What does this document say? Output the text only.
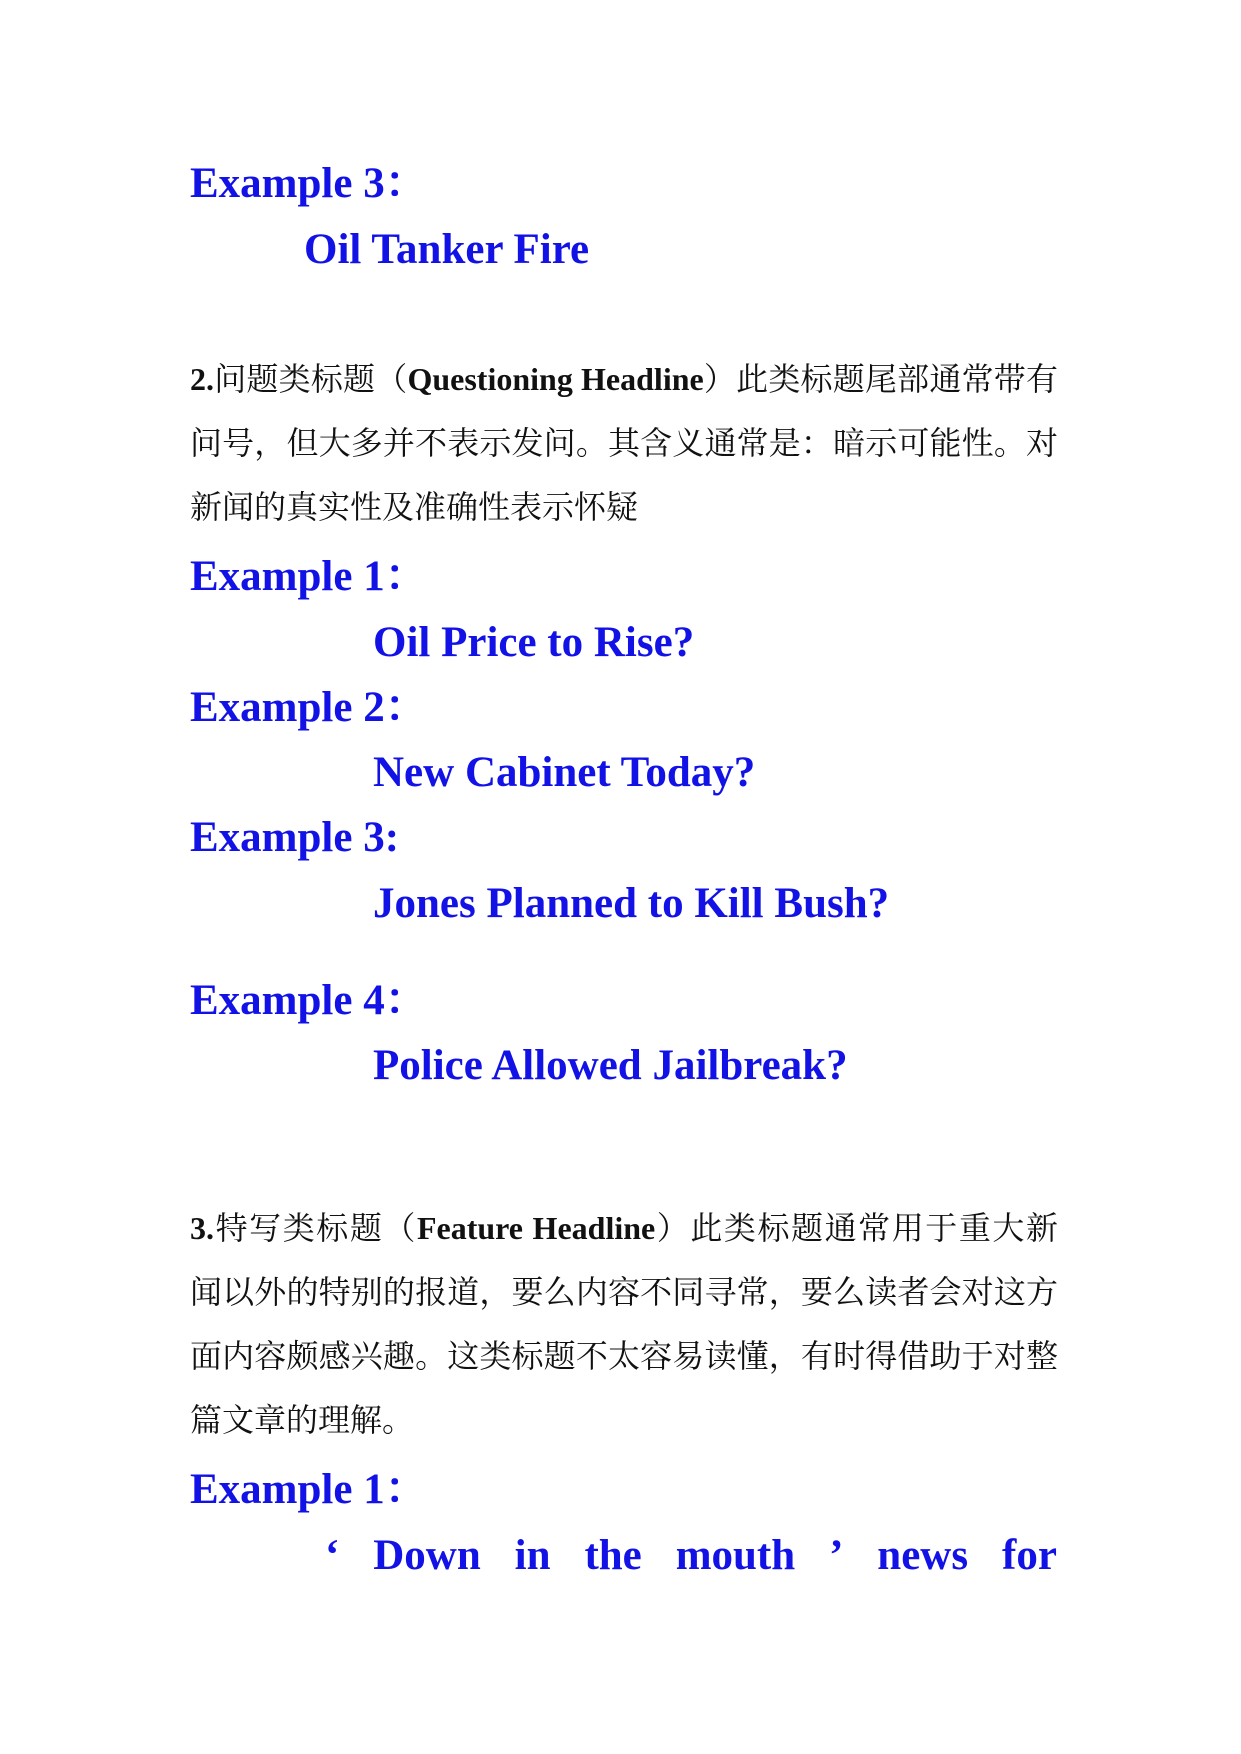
Example 3：

Oil Tanker Fire

2.问题类标题（Questioning Headline）此类标题尾部通常带有问号，但大多并不表示发问。其含义通常是：暗示可能性。对新闻的真实性及准确性表示怀疑

Example 1：

Oil Price to Rise?

Example 2：

New Cabinet Today?

Example 3:

Jones Planned to Kill Bush?

Example 4：

Police Allowed Jailbreak?

3.特写类标题（Feature Headline）此类标题通常用于重大新闻以外的特别的报道，要么内容不同寻常，要么读者会对这方面内容颇感兴趣。这类标题不太容易读懂，有时得借助于对整篇文章的理解。

Example 1：

‘ Down in the mouth ’ news for
